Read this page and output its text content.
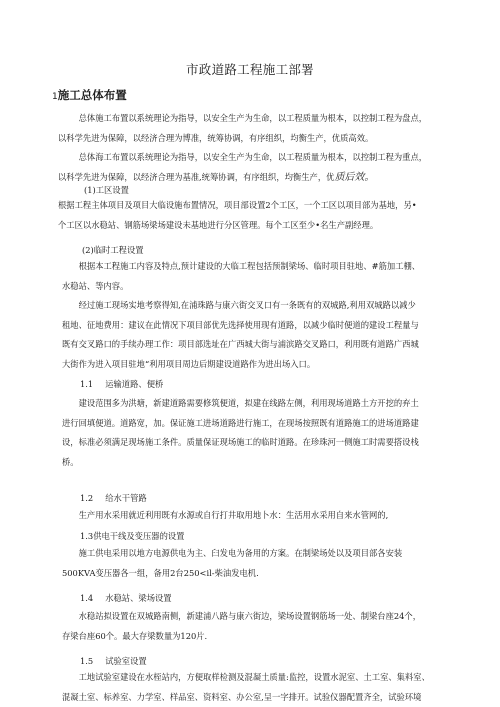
市政道路工程施工部署
1施工总体布置

总体施工布置以系统理论为指导，以安全生产为生命，以工程质量为根本，以控制工程为盘点，

以科学先进为保障，以经济合理为博准，统筹协调，有序组织，均衡生产，优质高效。

总体海工布置以系统理论为指导，以安全生产为生命，以工程质量为根本，以控制工程为重点，

以科学先进为保障，以经济合理为基准,统筹协调，有序组织，均衡生产，优质后效。

(1)工区设置
根据工程主体项目及项目大临设施布置情况，项目部设置2个工区，一个工区以项目部为基地，另•
个工区以水稳站、钢筋场梁场建设未基地进行分区管理。每个工区至少•名生产副经理。
(2)临时工程设置

根据本工程施工内容及特点,预计建设的大临工程包括预制梁场、临时项目驻地、#筋加工棚、

水稳站、等内容。

经过施工现场实地考察得知,在浦珠路与康六街交叉口有一条既有的双城路,利用双城路以减少

租地、征地费用：建议在此情况下项目部优先选择使用现有道路，以减少临时便道的建设工程量与

既有交叉路口的手续办理工作：项目部选址在广西城大街与浦滨路交叉路口，利用既有道路广西城

大街作为进入项目驻地“利用项目周边后期建设道路作为进出场入口。

1.1 运输道路、便桥

建设范围多为洪塘，新建道路需要修筑便道，拟建在线路左侧，利用现场道路土方开挖的弃土

进行回填便道。道路宽，加。保证施工进场道路进行施工，在现场按照既有道路施工的进场道路建

设，标准必须满足现场施工条件。质量保证现场施工的临时道路。在珍珠河一侧施工时需要搭设栈

桥。

1.2 给水干管路

生产用水采用就近利用既有水源或自行打井取用地卜水：生活用水采用自来水管网的,

1.3供电干线及变压器的设置

施工供电采用以地方电源供电为主、臼发电为备用的方案。在制梁场处以及项目部各安装

500KVA变压器各一组，备用2台250<il-柴油发电机.

1.4 水稳站、梁场设置

水稳站拟设置在双城路南侧，新建浦八路与康六街边，梁场设置钢筋场一处、制梁台座24个，

存梁台座60个。最大存梁数量为120片.

1.5 试验室设置

工地试验室建设在水桎站内，方便取样检测及混凝土质量:监控，设置水泥室、土工室、集料室、

混凝土室、标养室、力学室、样品室、资料室、办公室,呈一字排开。试验仪器配置齐全，试验环境
